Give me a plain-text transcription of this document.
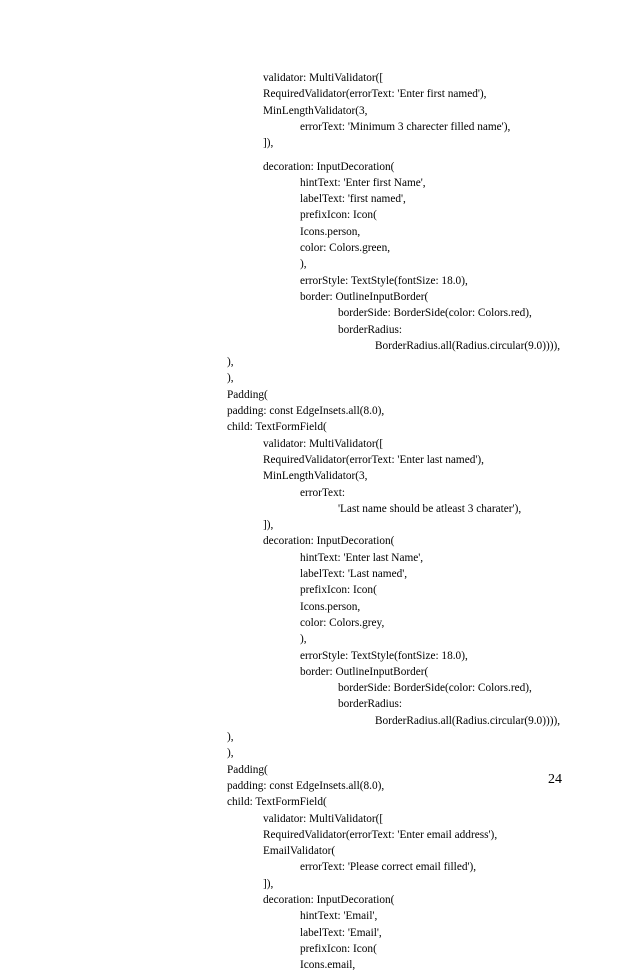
validator: MultiValidator([
RequiredValidator(errorText: 'Enter first named'),
MinLengthValidator(3,
errorText: 'Minimum 3 charecter filled name'),
]),
decoration: InputDecoration(
hintText: 'Enter first Name',
labelText: 'first named',
prefixIcon: Icon(
Icons.person,
color: Colors.green,
),
errorStyle: TextStyle(fontSize: 18.0),
border: OutlineInputBorder(
borderSide: BorderSide(color: Colors.red),
borderRadius:
BorderRadius.all(Radius.circular(9.0)))),
),
),
Padding(
padding: const EdgeInsets.all(8.0),
child: TextFormField(
validator: MultiValidator([
RequiredValidator(errorText: 'Enter last named'),
MinLengthValidator(3,
errorText:
'Last name should be atleast 3 charater'),
]),
decoration: InputDecoration(
hintText: 'Enter last Name',
labelText: 'Last named',
prefixIcon: Icon(
Icons.person,
color: Colors.grey,
),
errorStyle: TextStyle(fontSize: 18.0),
border: OutlineInputBorder(
borderSide: BorderSide(color: Colors.red),
borderRadius:
BorderRadius.all(Radius.circular(9.0)))),
),
),
Padding(
padding: const EdgeInsets.all(8.0),
child: TextFormField(
validator: MultiValidator([
RequiredValidator(errorText: 'Enter email address'),
EmailValidator(
errorText: 'Please correct email filled'),
]),
decoration: InputDecoration(
hintText: 'Email',
labelText: 'Email',
prefixIcon: Icon(
Icons.email,
24
